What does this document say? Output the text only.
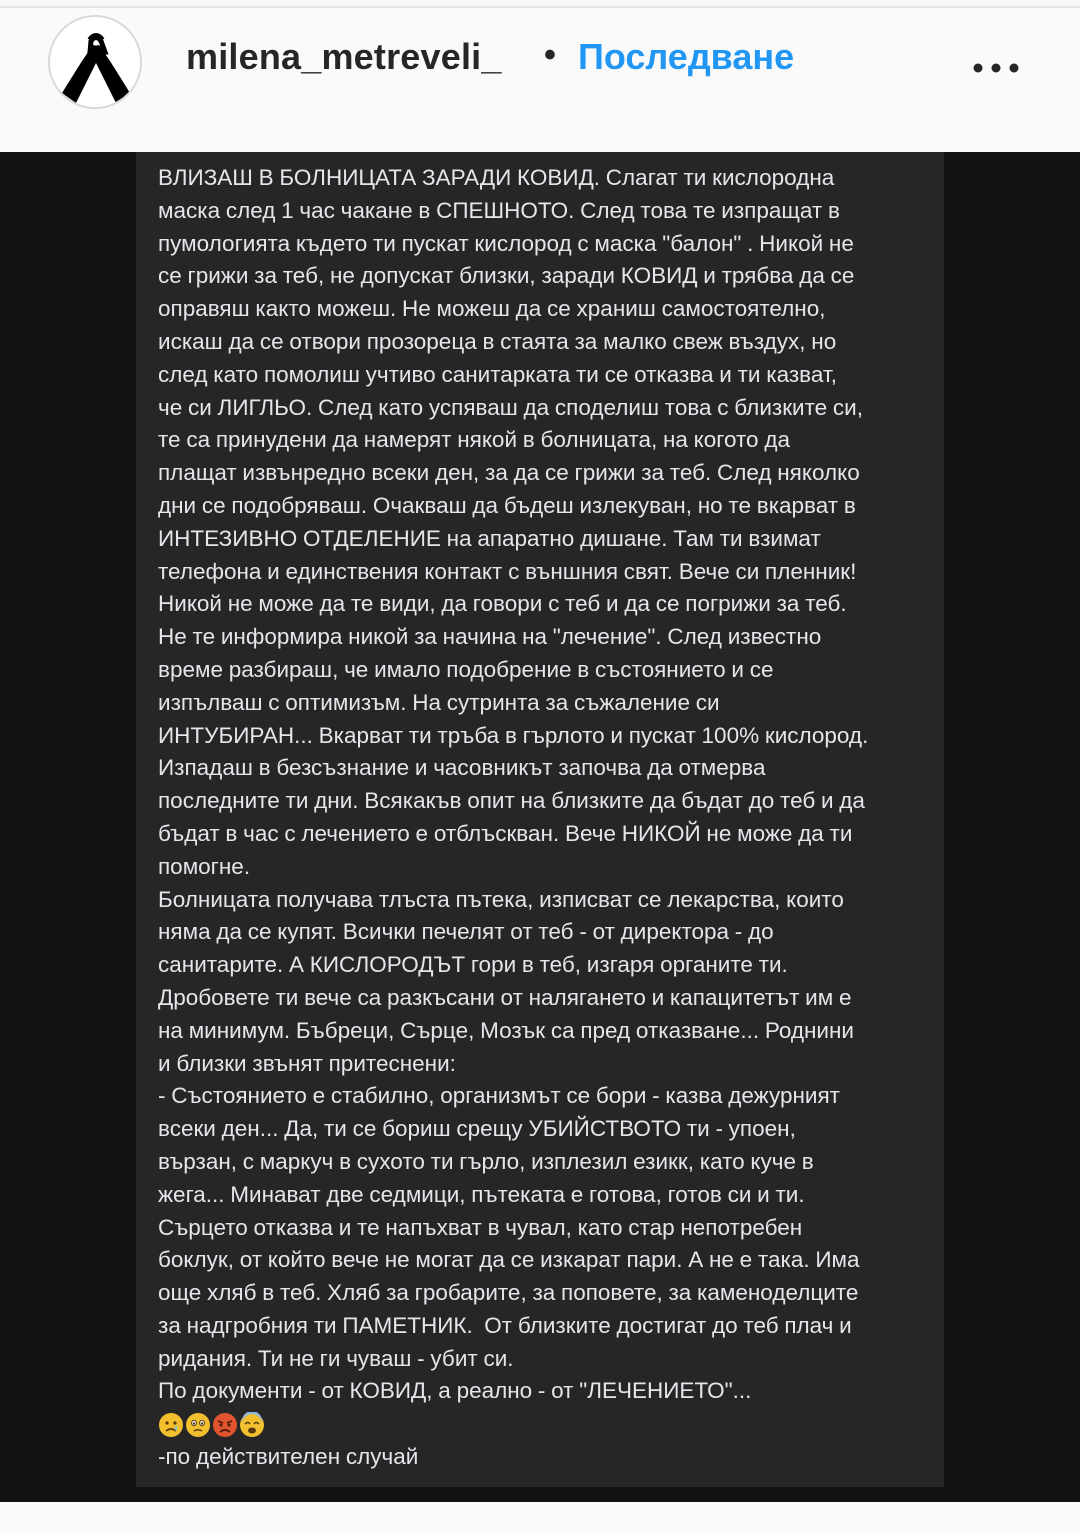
milena_metreveli_ • Последване
ВЛИЗАШ В БОЛНИЦАТА ЗАРАДИ КОВИД. Слагат ти кислородна
маска след 1 час чакане в СПЕШНОТО. След това те изпращат в
пумологията където ти пускат кислород с маска "балон" . Никой не
се грижи за теб, не допускат близки, заради КОВИД и трябва да се
оправяш както можеш. Не можеш да се храниш самостоятелно,
искаш да се отвори прозореца в стаята за малко свеж въздух, но
след като помолиш учтиво санитарката ти се отказва и ти казват,
че си ЛИГЛЬО. След като успяваш да споделиш това с близките си,
те са принудени да намерят някой в болницата, на когото да
плащат извънредно всеки ден, за да се грижи за теб. След няколко
дни се подобряваш. Очакваш да бъдеш излекуван, но те вкарват в
ИНТЕЗИВНО ОТДЕЛЕНИЕ на апаратно дишане. Там ти взимат
телефона и единствения контакт с външния свят. Вече си пленник!
Никой не може да те види, да говори с теб и да се погрижи за теб.
Не те информира никой за начина на "лечение". След известно
време разбираш, че имало подобрение в състоянието и се
изпълваш с оптимизъм. На сутринта за съжаление си
ИНТУБИРАН... Вкарват ти тръба в гърлото и пускат 100% кислород.
Изпадаш в безсъзнание и часовникът започва да отмерва
последните ти дни. Всякакъв опит на близките да бъдат до теб и да
бъдат в час с лечението е отблъскван. Вече НИКОЙ не може да ти
помогне.
Болницата получава тлъста пътека, изписват се лекарства, които
няма да се купят. Всички печелят от теб - от директора - до
санитарите. А КИСЛОРОДЪТ гори в теб, изгаря органите ти.
Дробовете ти вече са разкъсани от налягането и капацитетът им е
на минимум. Бъбреци, Сърце, Мозък са пред отказване... Роднини
и близки звънят притеснени:
- Състоянието е стабилно, организмът се бори - казва дежурният
всеки ден... Да, ти се бориш срещу УБИЙСТВОТО ти - упоен,
вързан, с маркуч в сухото ти гърло, изплезил езикк, като куче в
жега... Минават две седмици, пътеката е готова, готов си и ти.
Сърцето отказва и те напъхват в чувал, като стар непотребен
боклук, от който вече не могат да се изкарат пари. А не е така. Има
още хляб в теб. Хляб за гробарите, за поповете, за каменоделците
за надгробния ти ПАМЕТНИК.  От близките достигат до теб плач и
ридания. Ти не ги чуваш - убит си.
По документи - от КОВИД, а реално - от "ЛЕЧЕНИЕТО"...

-по действителен случай
